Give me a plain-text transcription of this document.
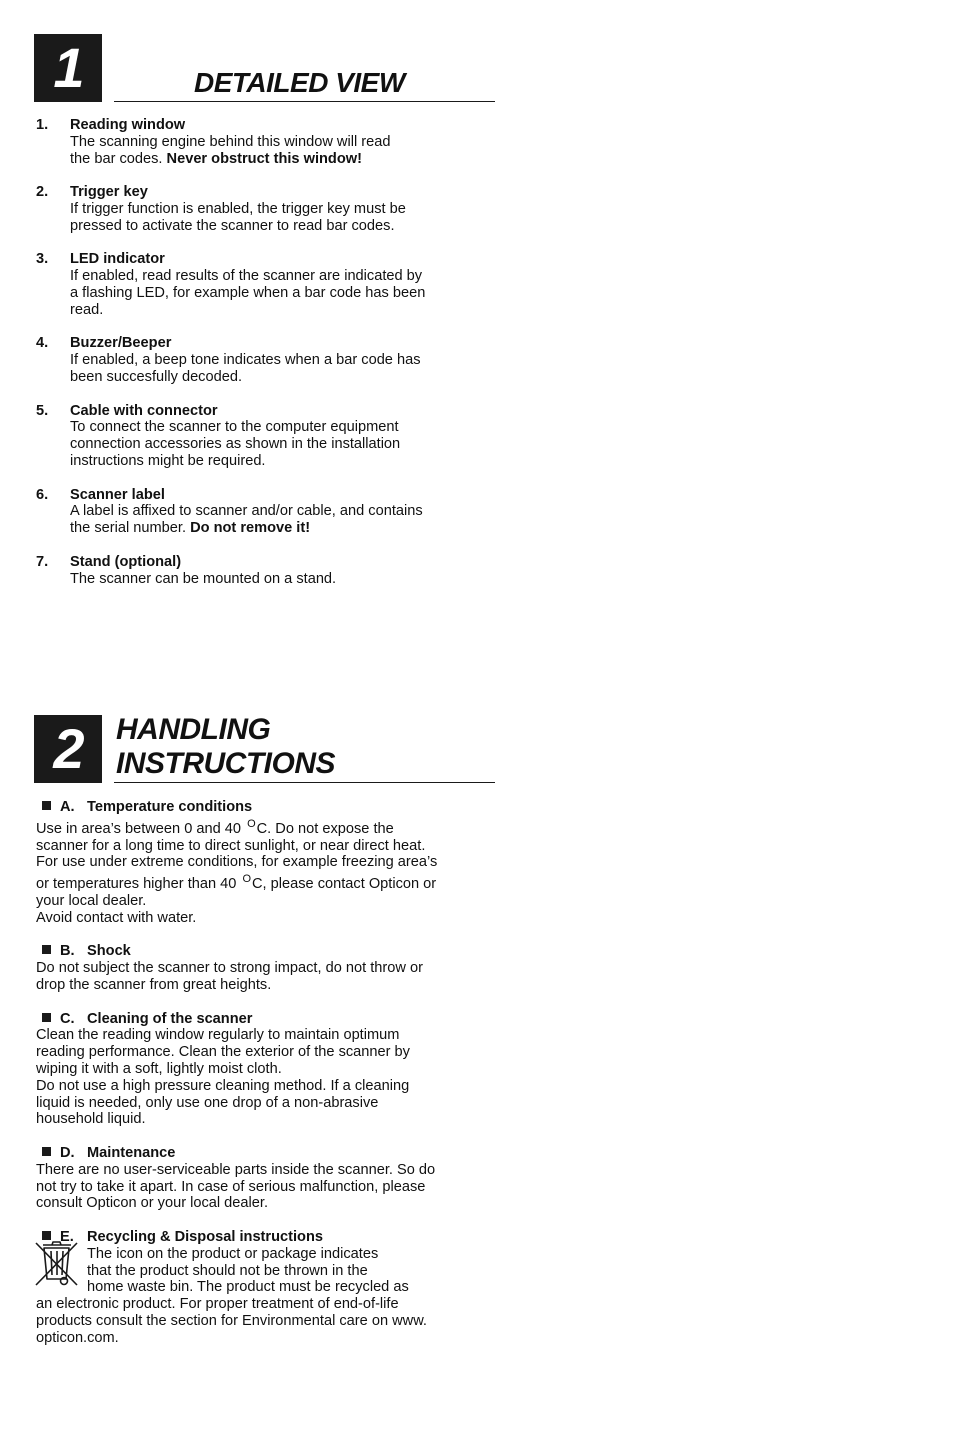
1	DETAILED VIEW
1. Reading window
The scanning engine behind this window will read
the bar codes. Never obstruct this window!
2. Trigger key
If trigger function is enabled, the trigger key must be
pressed to activate the scanner to read bar codes.
3. LED indicator
If enabled, read results of the scanner are indicated by
a flashing LED, for example when a bar code has been
read.
4. Buzzer/Beeper
If enabled, a beep tone indicates when a bar code has
been succesfully decoded.
5. Cable with connector
To connect the scanner to the computer equipment
connection accessories as shown in the installation
instructions might be required.
6. Scanner label
A label is affixed to scanner and/or cable, and contains
the serial number. Do not remove it!
7. Stand (optional)
The scanner can be mounted on a stand.
2	HANDLING INSTRUCTIONS
A. Temperature conditions
Use in area’s between 0 and 40 $^O$C. Do not expose the
scanner for a long time to direct sunlight, or near direct heat.
For use under extreme conditions, for example freezing area’s
or temperatures higher than 40 $^O$C, please contact Opticon or
your local dealer.
Avoid contact with water.
B. Shock
Do not subject the scanner to strong impact, do not throw or
drop the scanner from great heights.
C. Cleaning of the scanner
Clean the reading window regularly to maintain optimum
reading performance. Clean the exterior of the scanner by
wiping it with a soft, lightly moist cloth.
Do not use a high pressure cleaning method. If a cleaning
liquid is needed, only use one drop of a non-abrasive
household liquid.
D. Maintenance
There are no user-serviceable parts inside the scanner. So do
not try to take it apart. In case of serious malfunction, please
consult Opticon or your local dealer.
E. Recycling & Disposal instructions
The icon on the product or package indicates
that the product should not be thrown in the
home waste bin. The product must be recycled as
an electronic product. For proper treatment of end-of-life
products consult the section for Environmental care on www.
opticon.com.
